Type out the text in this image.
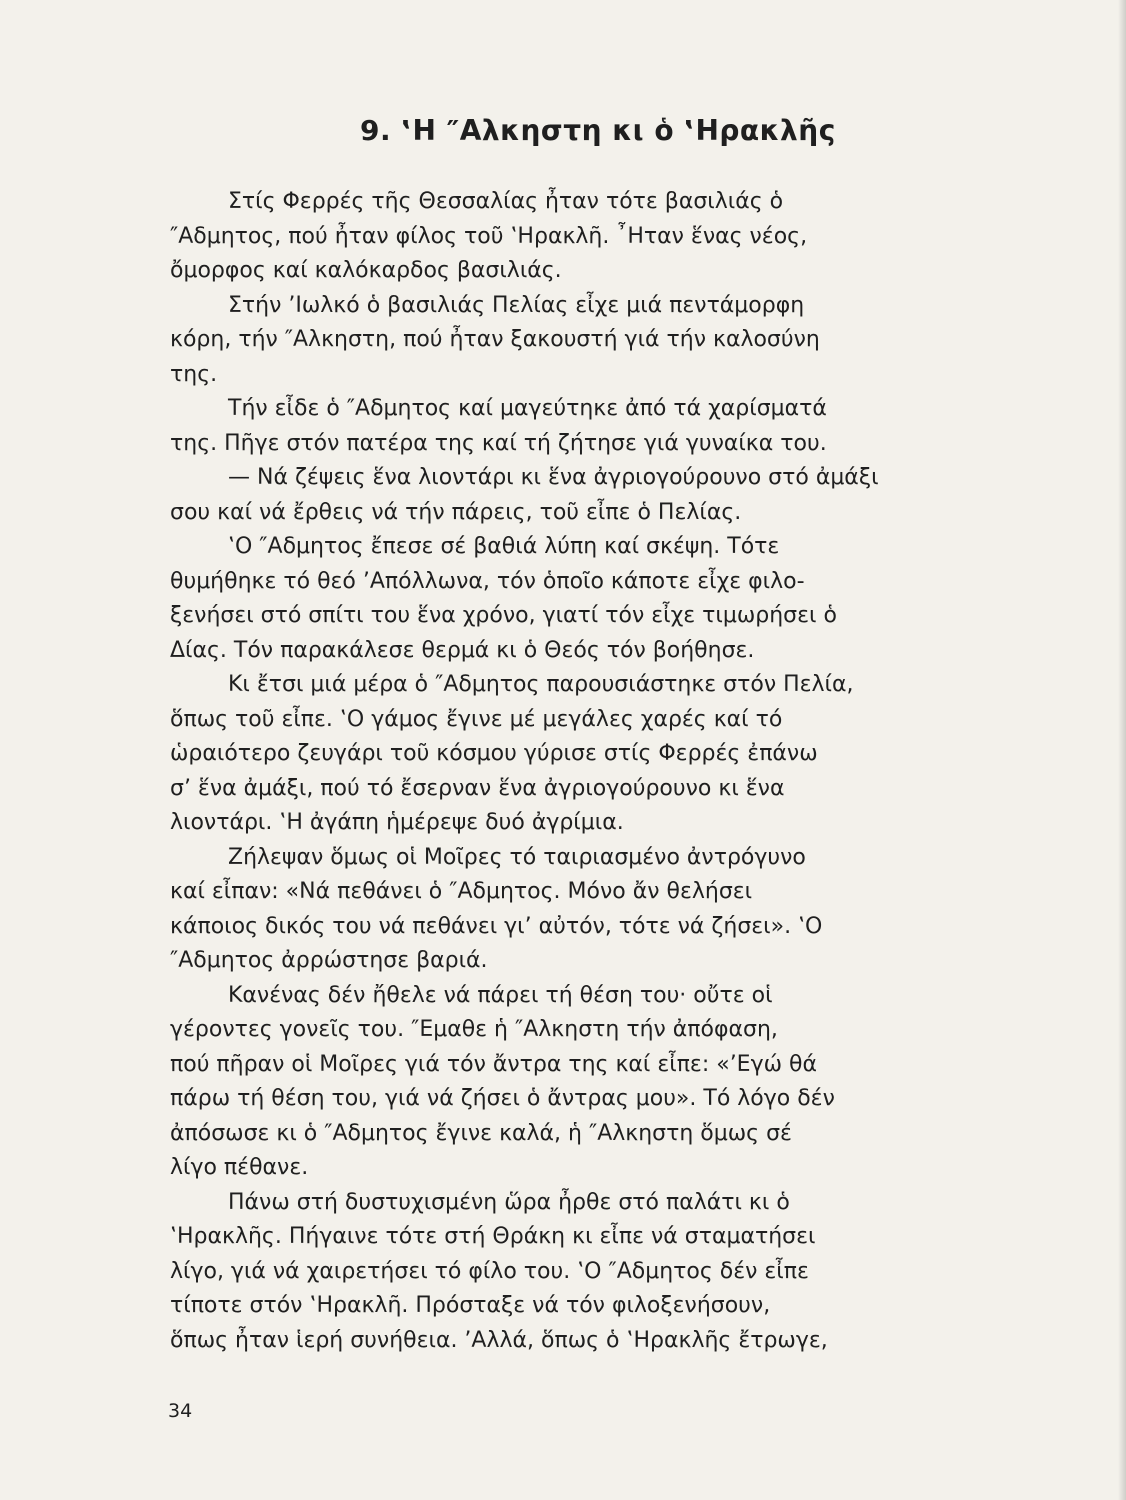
9. ‛Η ″Αλκηστη κι ὁ ‛Ηρακλῆς
Στίς Φερρές τῆς Θεσσαλίας ἦταν τότε βασιλιάς ὁ
″Αδμητος, πού ἦταν φίλος τοῦ ‛Ηρακλῆ. ῏Ηταν ἕνας νέος,
ὄμορφος καί καλόκαρδος βασιλιάς.
Στήν ’Ιωλκό ὁ βασιλιάς Πελίας εἶχε μιά πεντάμορφη
κόρη, τήν ″Αλκηστη, πού ἦταν ξακουστή γιά τήν καλοσύνη
της.
Τήν εἶδε ὁ ″Αδμητος καί μαγεύτηκε ἀπό τά χαρίσματά
της. Πῆγε στόν πατέρα της καί τή ζήτησε γιά γυναίκα του.
— Νά ζέψεις ἕνα λιοντάρι κι ἕνα ἀγριογούρουνο στό ἀμάξι
σου καί νά ἔρθεις νά τήν πάρεις, τοῦ εἶπε ὁ Πελίας.
‛Ο ″Αδμητος ἔπεσε σέ βαθιά λύπη καί σκέψη. Τότε
θυμήθηκε τό θεό ’Απόλλωνα, τόν ὁποῖο κάποτε εἶχε φιλο-
ξενήσει στό σπίτι του ἕνα χρόνο, γιατί τόν εἶχε τιμωρήσει ὁ
Δίας. Τόν παρακάλεσε θερμά κι ὁ Θεός τόν βοήθησε.
Κι ἔτσι μιά μέρα ὁ ″Αδμητος παρουσιάστηκε στόν Πελία,
ὅπως τοῦ εἶπε. ‛Ο γάμος ἔγινε μέ μεγάλες χαρές καί τό
ὡραιότερο ζευγάρι τοῦ κόσμου γύρισε στίς Φερρές ἐπάνω
σ’ ἕνα ἀμάξι, πού τό ἔσερναν ἕνα ἀγριογούρουνο κι ἕνα
λιοντάρι. ‛Η ἀγάπη ἡμέρεψε δυό ἀγρίμια.
Ζήλεψαν ὅμως οἱ Μοῖρες τό ταιριασμένο ἀντρόγυνο
καί εἶπαν: «Νά πεθάνει ὁ ″Αδμητος. Μόνο ἄν θελήσει
κάποιος δικός του νά πεθάνει γι’ αὐτόν, τότε νά ζήσει». ‛Ο
″Αδμητος ἀρρώστησε βαριά.
Κανένας δέν ἤθελε νά πάρει τή θέση του· οὔτε οἱ
γέροντες γονεῖς του. ″Εμαθε ἡ ″Αλκηστη τήν ἀπόφαση,
πού πῆραν οἱ Μοῖρες γιά τόν ἄντρα της καί εἶπε: «’Εγώ θά
πάρω τή θέση του, γιά νά ζήσει ὁ ἄντρας μου». Τό λόγο δέν
ἀπόσωσε κι ὁ ″Αδμητος ἔγινε καλά, ἡ ″Αλκηστη ὅμως σέ
λίγο πέθανε.
Πάνω στή δυστυχισμένη ὥρα ἦρθε στό παλάτι κι ὁ
‛Ηρακλῆς. Πήγαινε τότε στή Θράκη κι εἶπε νά σταματήσει
λίγο, γιά νά χαιρετήσει τό φίλο του. ‛Ο ″Αδμητος δέν εἶπε
τίποτε στόν ‛Ηρακλῆ. Πρόσταξε νά τόν φιλοξενήσουν,
ὅπως ἦταν ἱερή συνήθεια. ’Αλλά, ὅπως ὁ ‛Ηρακλῆς ἔτρωγε,
34
